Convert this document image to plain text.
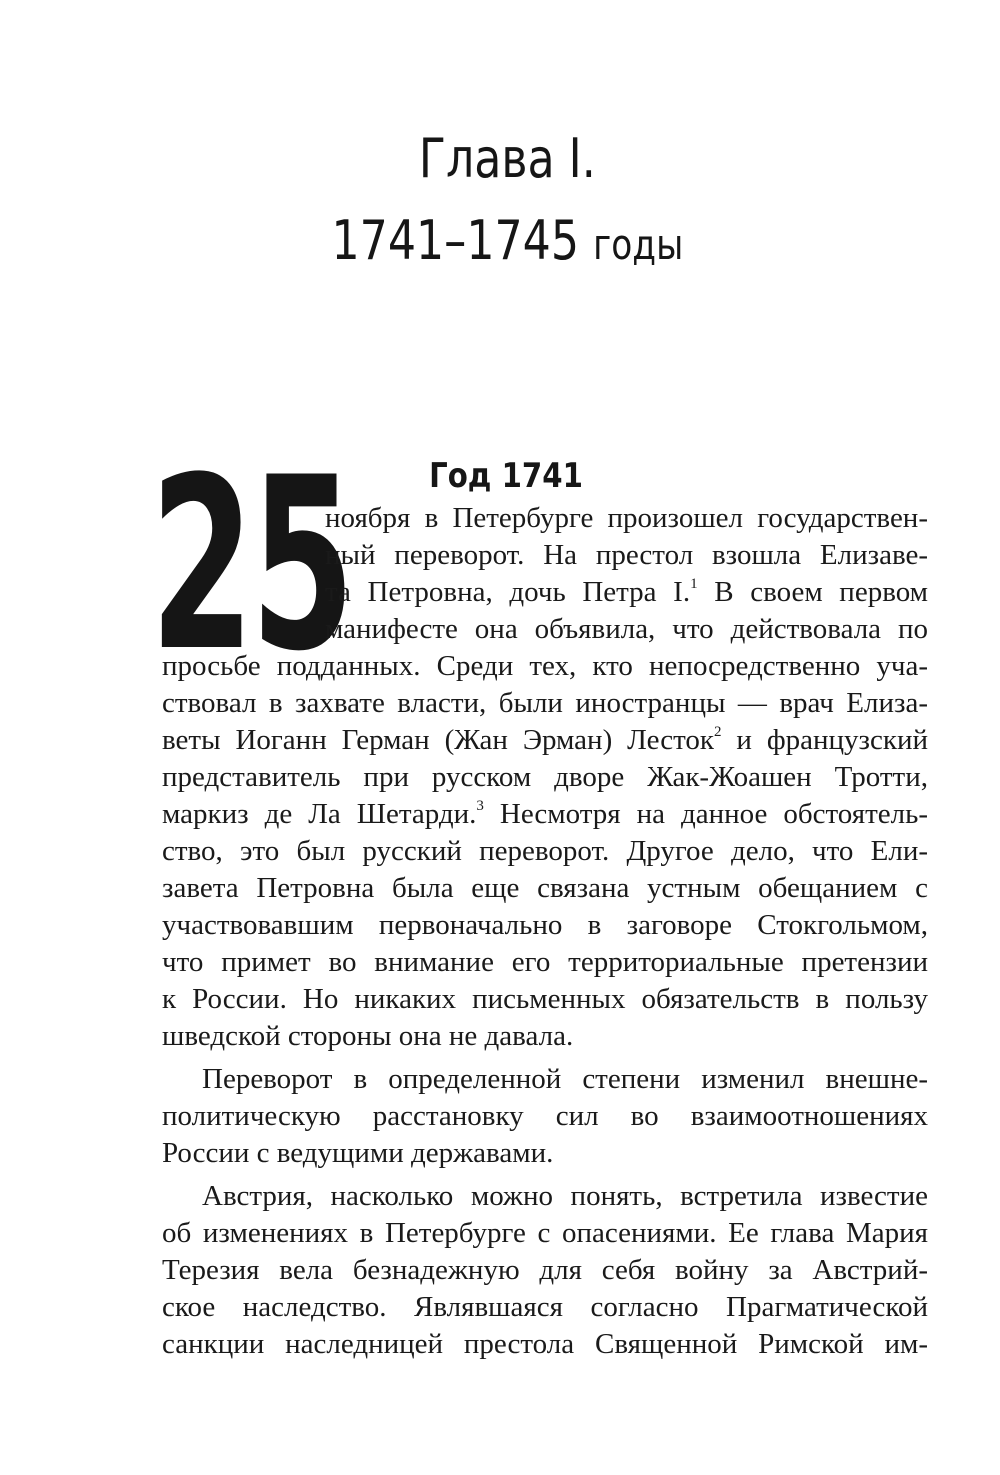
Глава I.
1741–1745 годы
Год 1741
25
ноября в Петербурге произошел государствен-
ный переворот. На престол взошла Елизаве-
та Петровна, дочь Петра I.$^1$ В своем первом
манифесте она объявила, что действовала по
просьбе подданных. Среди тех, кто непосредственно уча-
ствовал в захвате власти, были иностранцы — врач Елиза-
веты Иоганн Герман (Жан Эрман) Лесток$^2$ и французский
представитель при русском дворе Жак-Жоашен Тротти,
маркиз де Ла Шетарди.$^3$ Несмотря на данное обстоятель-
ство, это был русский переворот. Другое дело, что Ели-
завета Петровна была еще связана устным обещанием с
участвовавшим первоначально в заговоре Стокгольмом,
что примет во внимание его территориальные претензии
к России. Но никаких письменных обязательств в пользу
шведской стороны она не давала.
Переворот в определенной степени изменил внешне-
политическую расстановку сил во взаимоотношениях
России с ведущими державами.
Австрия, насколько можно понять, встретила известие
об изменениях в Петербурге с опасениями. Ее глава Мария
Терезия вела безнадежную для себя войну за Австрий-
ское наследство. Являвшаяся согласно Прагматической
санкции наследницей престола Священной Римской им-
